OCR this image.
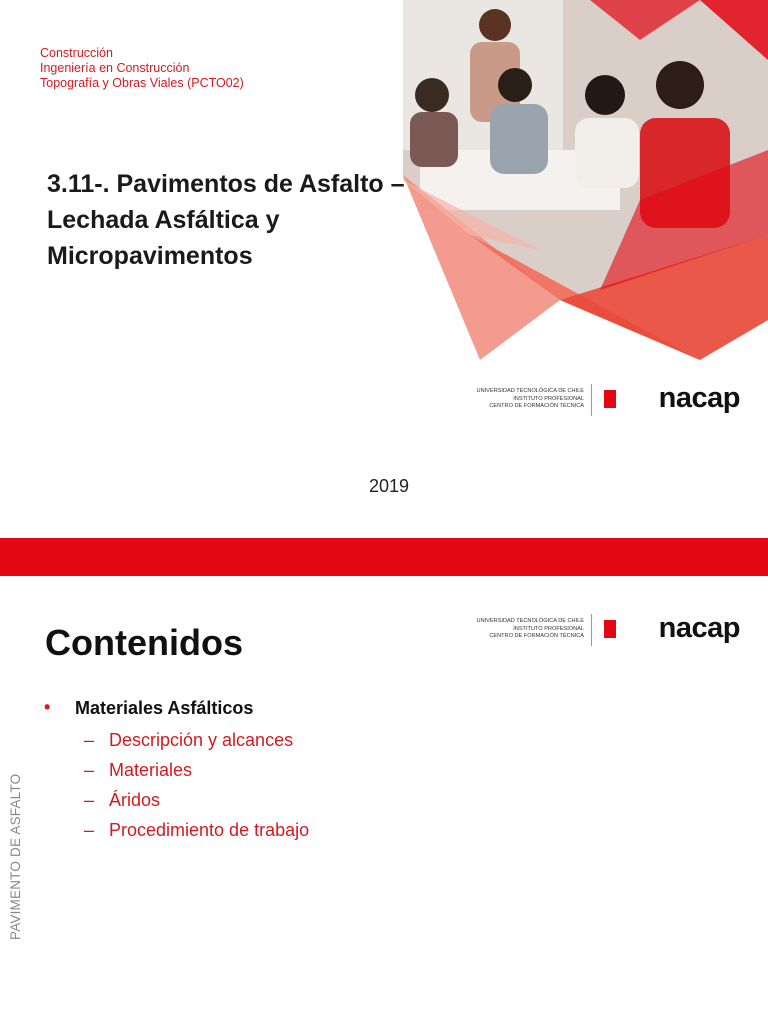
Construcción
Ingeniería en Construcción
Topografía y Obras Viales (PCTO02)
3.11-. Pavimentos de Asfalto –
Lechada Asfáltica y
Micropavimentos
UNIVERSIDAD TECNOLÓGICA DE CHILE
INSTITUTO PROFESIONAL
CENTRO DE FORMACIÓN TÉCNICA	nacap
2019
UNIVERSIDAD TECNOLÓGICA DE CHILE
INSTITUTO PROFESIONAL
CENTRO DE FORMACIÓN TÉCNICA	nacap
Contenidos
• Materiales Asfálticos
– Descripción y alcances
– Materiales
– Áridos
– Procedimiento de trabajo
PAVIMENTO DE ASFALTO
